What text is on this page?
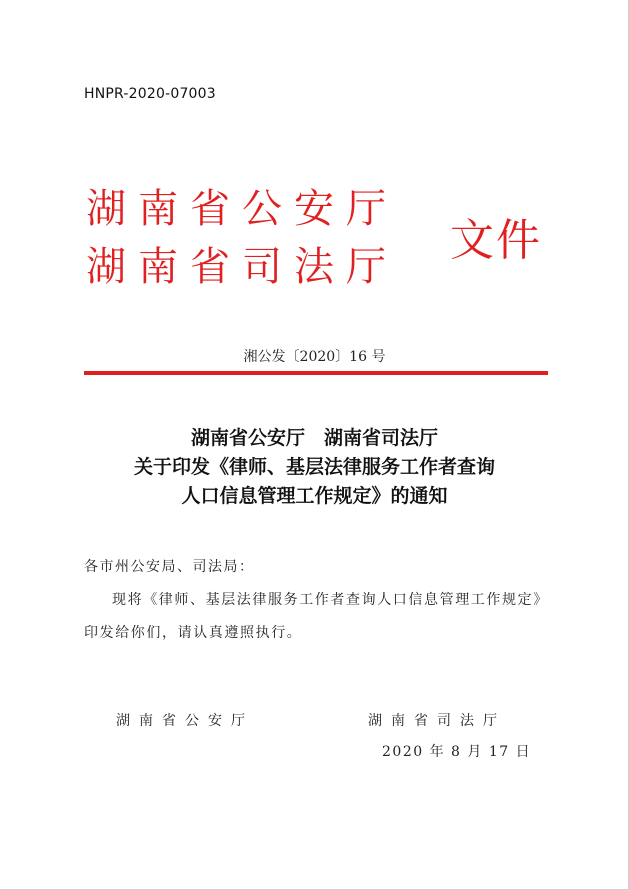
HNPR-2020-07003
湖南省公安厅
湖南省司法厅
文件
湘公发〔2020〕16 号
湖南省公安厅　湖南省司法厅
关于印发《律师、基层法律服务工作者查询
人口信息管理工作规定》的通知
各市州公安局、司法局：
现将《律师、基层法律服务工作者查询人口信息管理工作规定》印发给你们，请认真遵照执行。
湖南省公安厅	湖南省司法厅
2020 年 8 月 17 日
